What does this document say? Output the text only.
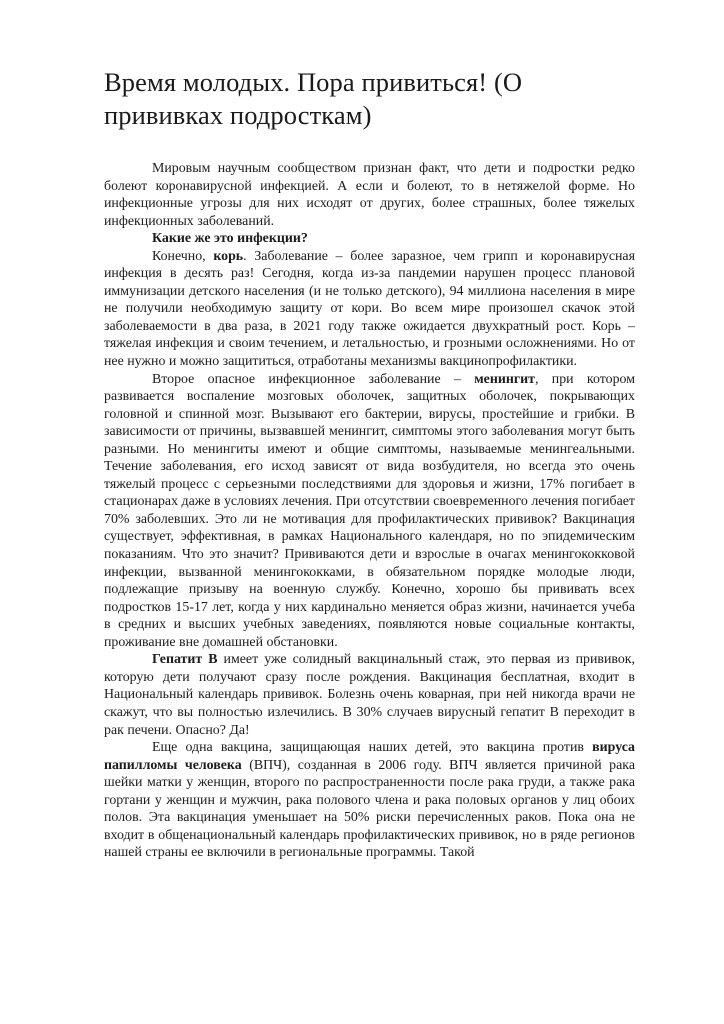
Время молодых. Пора привиться! (О прививках подросткам)

Мировым научным сообществом признан факт, что дети и подростки редко болеют коронавирусной инфекцией. А если и болеют, то в нетяжелой форме. Но инфекционные угрозы для них исходят от других, более страшных, более тяжелых инфекционных заболеваний.

Какие же это инфекции?

Конечно, корь. Заболевание – более заразное, чем грипп и коронавирусная инфекция в десять раз! Сегодня, когда из-за пандемии нарушен процесс плановой иммунизации детского населения (и не только детского), 94 миллиона населения в мире не получили необходимую защиту от кори. Во всем мире произошел скачок этой заболеваемости в два раза, в 2021 году также ожидается двухкратный рост. Корь – тяжелая инфекция и своим течением, и летальностью, и грозными осложнениями. Но от нее нужно и можно защититься, отработаны механизмы вакцинопрофилактики.

Второе опасное инфекционное заболевание – менингит, при котором развивается воспаление мозговых оболочек, защитных оболочек, покрывающих головной и спинной мозг. Вызывают его бактерии, вирусы, простейшие и грибки. В зависимости от причины, вызвавшей менингит, симптомы этого заболевания могут быть разными. Но менингиты имеют и общие симптомы, называемые менингеальными. Течение заболевания, его исход зависят от вида возбудителя, но всегда это очень тяжелый процесс с серьезными последствиями для здоровья и жизни, 17% погибает в стационарах даже в условиях лечения. При отсутствии своевременного лечения погибает 70% заболевших. Это ли не мотивация для профилактических прививок? Вакцинация существует, эффективная, в рамках Национального календаря, но по эпидемическим показаниям. Что это значит? Прививаются дети и взрослые в очагах менингококковой инфекции, вызванной менингококками, в обязательном порядке молодые люди, подлежащие призыву на военную службу. Конечно, хорошо бы прививать всех подростков 15-17 лет, когда у них кардинально меняется образ жизни, начинается учеба в средних и высших учебных заведениях, появляются новые социальные контакты, проживание вне домашней обстановки.

Гепатит В имеет уже солидный вакцинальный стаж, это первая из прививок, которую дети получают сразу после рождения. Вакцинация бесплатная, входит в Национальный календарь прививок. Болезнь очень коварная, при ней никогда врачи не скажут, что вы полностью излечились. В 30% случаев вирусный гепатит В переходит в рак печени. Опасно? Да!

Еще одна вакцина, защищающая наших детей, это вакцина против вируса папилломы человека (ВПЧ), созданная в 2006 году. ВПЧ является причиной рака шейки матки у женщин, второго по распространенности после рака груди, а также рака гортани у женщин и мужчин, рака полового члена и рака половых органов у лиц обоих полов. Эта вакцинация уменьшает на 50% риски перечисленных раков. Пока она не входит в общенациональный календарь профилактических прививок, но в ряде регионов нашей страны ее включили в региональные программы. Такой
